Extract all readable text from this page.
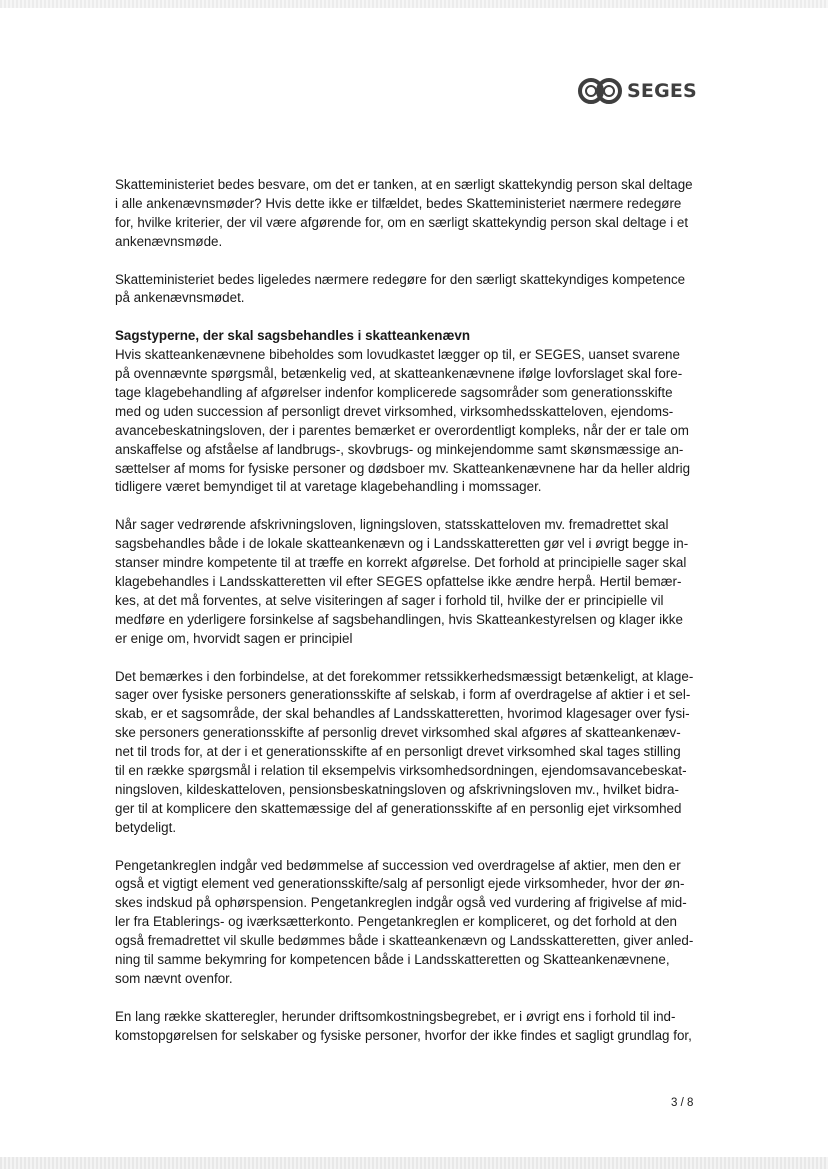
SEGES
Skatteministeriet bedes besvare, om det er tanken, at en særligt skattekyndig person skal deltage
i alle ankenævnsmøder? Hvis dette ikke er tilfældet, bedes Skatteministeriet nærmere redegøre
for, hvilke kriterier, der vil være afgørende for, om en særligt skattekyndig person skal deltage i et
ankenævnsmøde.
Skatteministeriet bedes ligeledes nærmere redegøre for den særligt skattekyndiges kompetence
på ankenævnsmødet.
Sagstyperne, der skal sagsbehandles i skatteankenævn
Hvis skatteankenævnene bibeholdes som lovudkastet lægger op til, er SEGES, uanset svarene
på ovennævnte spørgsmål, betænkelig ved, at skatteankenævnene ifølge lovforslaget skal fore-
tage klagebehandling af afgørelser indenfor komplicerede sagsområder som generationsskifte
med og uden succession af personligt drevet virksomhed, virksomhedsskatteloven, ejendoms-
avancebeskatningsloven, der i parentes bemærket er overordentligt kompleks, når der er tale om
anskaffelse og afståelse af landbrugs-, skovbrugs- og minkejendomme samt skønsmæssige an-
sættelser af moms for fysiske personer og dødsboer mv. Skatteankenævnene har da heller aldrig
tidligere været bemyndiget til at varetage klagebehandling i momssager.
Når sager vedrørende afskrivningsloven, ligningsloven, statsskatteloven mv. fremadrettet skal
sagsbehandles både i de lokale skatteankenævn og i Landsskatteretten gør vel i øvrigt begge in-
stanser mindre kompetente til at træffe en korrekt afgørelse. Det forhold at principielle sager skal
klagebehandles i Landsskatteretten vil efter SEGES opfattelse ikke ændre herpå. Hertil bemær-
kes, at det må forventes, at selve visiteringen af sager i forhold til, hvilke der er principielle vil
medføre en yderligere forsinkelse af sagsbehandlingen, hvis Skatteankestyrelsen og klager ikke
er enige om, hvorvidt sagen er principiel
Det bemærkes i den forbindelse, at det forekommer retssikkerhedsmæssigt betænkeligt, at klage-
sager over fysiske personers generationsskifte af selskab, i form af overdragelse af aktier i et sel-
skab, er et sagsområde, der skal behandles af Landsskatteretten, hvorimod klagesager over fysi-
ske personers generationsskifte af personlig drevet virksomhed skal afgøres af skatteankenæv-
net til trods for, at der i et generationsskifte af en personligt drevet virksomhed skal tages stilling
til en række spørgsmål i relation til eksempelvis virksomhedsordningen, ejendomsavancebeskat-
ningsloven, kildeskatteloven, pensionsbeskatningsloven og afskrivningsloven mv., hvilket bidra-
ger til at komplicere den skattemæssige del af generationsskifte af en personlig ejet virksomhed
betydeligt.
Pengetankreglen indgår ved bedømmelse af succession ved overdragelse af aktier, men den er
også et vigtigt element ved generationsskifte/salg af personligt ejede virksomheder, hvor der øn-
skes indskud på ophørspension. Pengetankreglen indgår også ved vurdering af frigivelse af mid-
ler fra Etablerings- og iværksætterkonto. Pengetankreglen er kompliceret, og det forhold at den
også fremadrettet vil skulle bedømmes både i skatteankenævn og Landsskatteretten, giver anled-
ning til samme bekymring for kompetencen både i Landsskatteretten og Skatteankenævnene,
som nævnt ovenfor.
En lang række skatteregler, herunder driftsomkostningsbegrebet, er i øvrigt ens i forhold til ind-
komstopgørelsen for selskaber og fysiske personer, hvorfor der ikke findes et sagligt grundlag for,
3 / 8
